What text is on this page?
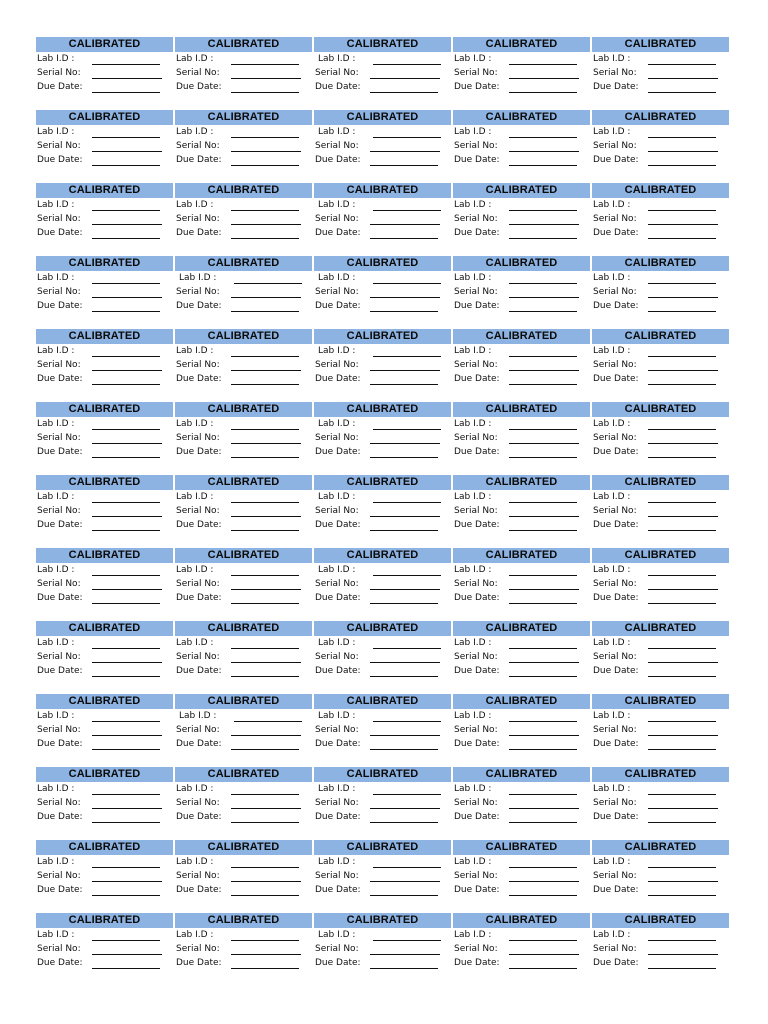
CALIBRATED
Lab I.D :
Serial No:
Due Date:
CALIBRATED
Lab I.D :
Serial No:
Due Date:
CALIBRATED
Lab I.D :
Serial No:
Due Date:
CALIBRATED
Lab I.D :
Serial No:
Due Date:
CALIBRATED
Lab I.D :
Serial No:
Due Date:
CALIBRATED
Lab I.D :
Serial No:
Due Date:
CALIBRATED
Lab I.D :
Serial No:
Due Date:
CALIBRATED
Lab I.D :
Serial No:
Due Date:
CALIBRATED
Lab I.D :
Serial No:
Due Date:
CALIBRATED
Lab I.D :
Serial No:
Due Date:
CALIBRATED
Lab I.D :
Serial No:
Due Date:
CALIBRATED
Lab I.D :
Serial No:
Due Date:
CALIBRATED
Lab I.D :
Serial No:
Due Date:
CALIBRATED
Lab I.D :
Serial No:
Due Date:
CALIBRATED
Lab I.D :
Serial No:
Due Date:
CALIBRATED
Lab I.D :
Serial No:
Due Date:
CALIBRATED
Lab I.D :
Serial No:
Due Date:
CALIBRATED
Lab I.D :
Serial No:
Due Date:
CALIBRATED
Lab I.D :
Serial No:
Due Date:
CALIBRATED
Lab I.D :
Serial No:
Due Date:
CALIBRATED
Lab I.D :
Serial No:
Due Date:
CALIBRATED
Lab I.D :
Serial No:
Due Date:
CALIBRATED
Lab I.D :
Serial No:
Due Date:
CALIBRATED
Lab I.D :
Serial No:
Due Date:
CALIBRATED
Lab I.D :
Serial No:
Due Date:
CALIBRATED
Lab I.D :
Serial No:
Due Date:
CALIBRATED
Lab I.D :
Serial No:
Due Date:
CALIBRATED
Lab I.D :
Serial No:
Due Date:
CALIBRATED
Lab I.D :
Serial No:
Due Date:
CALIBRATED
Lab I.D :
Serial No:
Due Date:
CALIBRATED
Lab I.D :
Serial No:
Due Date:
CALIBRATED
Lab I.D :
Serial No:
Due Date:
CALIBRATED
Lab I.D :
Serial No:
Due Date:
CALIBRATED
Lab I.D :
Serial No:
Due Date:
CALIBRATED
Lab I.D :
Serial No:
Due Date:
CALIBRATED
Lab I.D :
Serial No:
Due Date:
CALIBRATED
Lab I.D :
Serial No:
Due Date:
CALIBRATED
Lab I.D :
Serial No:
Due Date:
CALIBRATED
Lab I.D :
Serial No:
Due Date:
CALIBRATED
Lab I.D :
Serial No:
Due Date:
CALIBRATED
Lab I.D :
Serial No:
Due Date:
CALIBRATED
Lab I.D :
Serial No:
Due Date:
CALIBRATED
Lab I.D :
Serial No:
Due Date:
CALIBRATED
Lab I.D :
Serial No:
Due Date:
CALIBRATED
Lab I.D :
Serial No:
Due Date:
CALIBRATED
Lab I.D :
Serial No:
Due Date:
CALIBRATED
Lab I.D :
Serial No:
Due Date:
CALIBRATED
Lab I.D :
Serial No:
Due Date:
CALIBRATED
Lab I.D :
Serial No:
Due Date:
CALIBRATED
Lab I.D :
Serial No:
Due Date:
CALIBRATED
Lab I.D :
Serial No:
Due Date:
CALIBRATED
Lab I.D :
Serial No:
Due Date:
CALIBRATED
Lab I.D :
Serial No:
Due Date:
CALIBRATED
Lab I.D :
Serial No:
Due Date:
CALIBRATED
Lab I.D :
Serial No:
Due Date:
CALIBRATED
Lab I.D :
Serial No:
Due Date:
CALIBRATED
Lab I.D :
Serial No:
Due Date:
CALIBRATED
Lab I.D :
Serial No:
Due Date:
CALIBRATED
Lab I.D :
Serial No:
Due Date:
CALIBRATED
Lab I.D :
Serial No:
Due Date:
CALIBRATED
Lab I.D :
Serial No:
Due Date:
CALIBRATED
Lab I.D :
Serial No:
Due Date:
CALIBRATED
Lab I.D :
Serial No:
Due Date:
CALIBRATED
Lab I.D :
Serial No:
Due Date:
CALIBRATED
Lab I.D :
Serial No:
Due Date:
